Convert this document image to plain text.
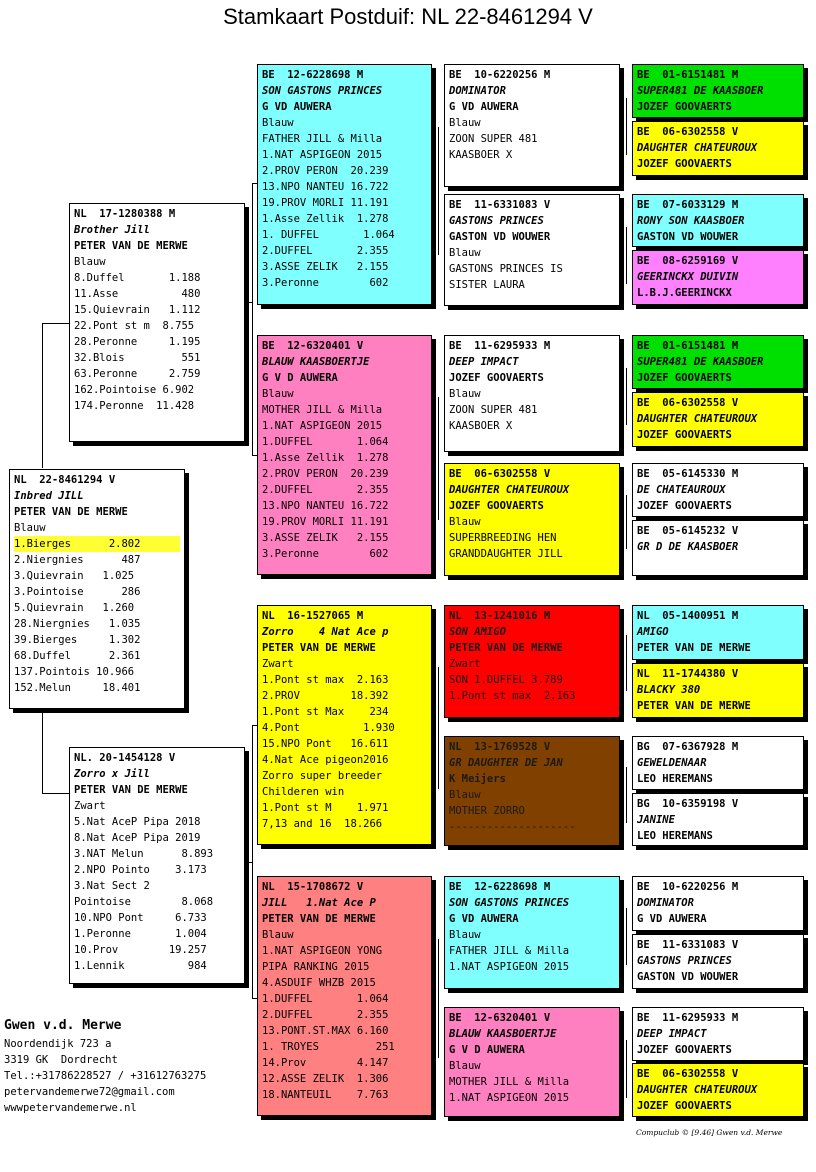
Stamkaart Postduif: NL 22-8461294 V
NL  22-8461294 V
Inbred JILL
PETER VAN DE MERWE
Blauw
1.Bierges      2.802
2.Niergnies      487
3.Quievrain   1.025
3.Pointoise      286
5.Quievrain   1.260
28.Niergnies   1.035
39.Bierges     1.302
68.Duffel      2.361
137.Pointois 10.966
152.Melun     18.401
NL  17-1280388 M
Brother Jill
PETER VAN DE MERWE
Blauw
8.Duffel       1.188
11.Asse          480
15.Quievrain   1.112
22.Pont st m  8.755
28.Peronne     1.195
32.Blois         551
63.Peronne     2.759
162.Pointoise 6.902
174.Peronne  11.428
NL. 20-1454128 V
Zorro x Jill
PETER VAN DE MERWE
Zwart
5.Nat AceP Pipa 2018
8.Nat AceP Pipa 2019
3.NAT Melun      8.893
2.NPO Pointo    3.173
3.Nat Sect 2
Pointoise        8.068
10.NPO Pont     6.733
1.Peronne       1.004
10.Prov        19.257
1.Lennik          984
BE  12-6228698 M
SON GASTONS PRINCES
G VD AUWERA
Blauw
FATHER JILL & Milla
1.NAT ASPIGEON 2015
2.PROV PERON  20.239
13.NPO NANTEU 16.722
19.PROV MORLI 11.191
1.Asse Zellik  1.278
1. DUFFEL       1.064
2.DUFFEL       2.355
3.ASSE ZELIK   2.155
3.Peronne        602
BE  12-6320401 V
BLAUW KAASBOERTJE
G V D AUWERA
Blauw
MOTHER JILL & Milla
1.NAT ASPIGEON 2015
1.DUFFEL       1.064
1.Asse Zellik  1.278
2.PROV PERON  20.239
2.DUFFEL       2.355
13.NPO NANTEU 16.722
19.PROV MORLI 11.191
3.ASSE ZELIK   2.155
3.Peronne        602
NL  16-1527065 M
Zorro    4 Nat Ace p
PETER VAN DE MERWE
Zwart
1.Pont st max  2.163
2.PROV        18.392
1.Pont st Max    234
4.Pont          1.930
15.NPO Pont   16.611
4.Nat Ace pigeon2016
Zorro super breeder
Childeren win
1.Pont st M    1.971
7,13 and 16  18.266
NL  15-1708672 V
JILL   1.Nat Ace P
PETER VAN DE MERWE
Blauw
1.NAT ASPIGEON YONG
PIPA RANKING 2015
4.ASDUIF WHZB 2015
1.DUFFEL       1.064
2.DUFFEL       2.355
13.PONT.ST.MAX 6.160
1. TROYES         251
14.Prov        4.147
12.ASSE ZELIK  1.306
18.NANTEUIL    7.763
BE  10-6220256 M
DOMINATOR
G VD AUWERA
Blauw
ZOON SUPER 481
KAASBOER X
BE  11-6331083 V
GASTONS PRINCES
GASTON VD WOUWER
Blauw
GASTONS PRINCES IS
SISTER LAURA
BE  11-6295933 M
DEEP IMPACT
JOZEF GOOVAERTS
Blauw
ZOON SUPER 481
KAASBOER X
BE  06-6302558 V
DAUGHTER CHATEUROUX
JOZEF GOOVAERTS
Blauw
SUPERBREEDING HEN
GRANDDAUGHTER JILL
NL  13-1241016 M
SON AMIGO
PETER VAN DE MERWE
Zwart
SON 1.DUFFEL 3.789
1.Pont st max  2.163
NL  13-1769528 V
GR DAUGHTER DE JAN
K Meijers
Blauw
MOTHER ZORRO
--------------------
BE  12-6228698 M
SON GASTONS PRINCES
G VD AUWERA
Blauw
FATHER JILL & Milla
1.NAT ASPIGEON 2015
BE  12-6320401 V
BLAUW KAASBOERTJE
G V D AUWERA
Blauw
MOTHER JILL & Milla
1.NAT ASPIGEON 2015
BE  01-6151481 M
SUPER481 DE KAASBOER
JOZEF GOOVAERTS
BE  06-6302558 V
DAUGHTER CHATEUROUX
JOZEF GOOVAERTS
BE  07-6033129 M
RONY SON KAASBOER
GASTON VD WOUWER
BE  08-6259169 V
GEERINCKX DUIVIN
L.B.J.GEERINCKX
BE  01-6151481 M
SUPER481 DE KAASBOER
JOZEF GOOVAERTS
BE  06-6302558 V
DAUGHTER CHATEUROUX
JOZEF GOOVAERTS
BE  05-6145330 M
DE CHATEAUROUX
JOZEF GOOVAERTS
BE  05-6145232 V
GR D DE KAASBOER
NL  05-1400951 M
AMIGO
PETER VAN DE MERWE
NL  11-1744380 V
BLACKY 380
PETER VAN DE MERWE
BG  07-6367928 M
GEWELDENAAR
LEO HEREMANS
BG  10-6359198 V
JANINE
LEO HEREMANS
BE  10-6220256 M
DOMINATOR
G VD AUWERA
BE  11-6331083 V
GASTONS PRINCES
GASTON VD WOUWER
BE  11-6295933 M
DEEP IMPACT
JOZEF GOOVAERTS
BE  06-6302558 V
DAUGHTER CHATEUROUX
JOZEF GOOVAERTS
Gwen v.d. Merwe
Noordendijk 723 a
3319 GK  Dordrecht
Tel.:+31786228527 / +31612763275
petervandemerwe72@gmail.com
wwwpetervandemerwe.nl
Compuclub © [9.46] Gwen v.d. Merwe
